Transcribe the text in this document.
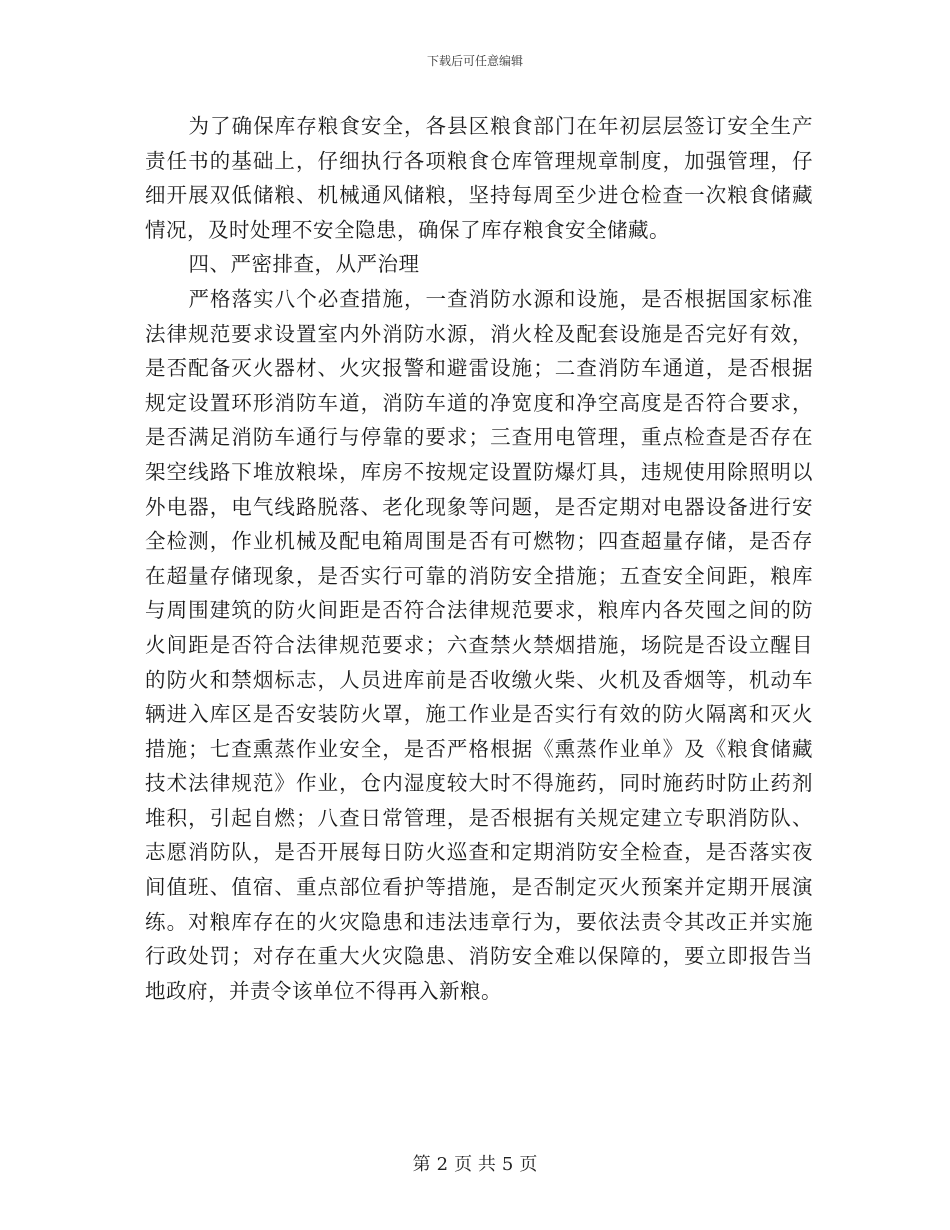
下载后可任意编辑

为了确保库存粮食安全，各县区粮食部门在年初层层签订安全生产责任书的基础上，仔细执行各项粮食仓库管理规章制度，加强管理，仔细开展双低储粮、机械通风储粮，坚持每周至少进仓检查一次粮食储藏情况，及时处理不安全隐患，确保了库存粮食安全储藏。

四、严密排查，从严治理

严格落实八个必查措施，一查消防水源和设施，是否根据国家标准法律规范要求设置室内外消防水源，消火栓及配套设施是否完好有效，是否配备灭火器材、火灾报警和避雷设施；二查消防车通道，是否根据规定设置环形消防车道，消防车道的净宽度和净空高度是否符合要求，是否满足消防车通行与停靠的要求；三查用电管理，重点检查是否存在架空线路下堆放粮垛，库房不按规定设置防爆灯具，违规使用除照明以外电器，电气线路脱落、老化现象等问题，是否定期对电器设备进行安全检测，作业机械及配电箱周围是否有可燃物；四查超量存储，是否存在超量存储现象，是否实行可靠的消防安全措施；五查安全间距，粮库与周围建筑的防火间距是否符合法律规范要求，粮库内各芡囤之间的防火间距是否符合法律规范要求；六查禁火禁烟措施，场院是否设立醒目的防火和禁烟标志，人员进库前是否收缴火柴、火机及香烟等，机动车辆进入库区是否安装防火罩，施工作业是否实行有效的防火隔离和灭火措施；七查熏蒸作业安全，是否严格根据《熏蒸作业单》及《粮食储藏技术法律规范》作业，仓内湿度较大时不得施药，同时施药时防止药剂堆积，引起自燃；八查日常管理，是否根据有关规定建立专职消防队、志愿消防队，是否开展每日防火巡查和定期消防安全检查，是否落实夜间值班、值宿、重点部位看护等措施，是否制定灭火预案并定期开展演练。对粮库存在的火灾隐患和违法违章行为，要依法责令其改正并实施行政处罚；对存在重大火灾隐患、消防安全难以保障的，要立即报告当地政府，并责令该单位不得再入新粮。

第 2 页 共 5 页
